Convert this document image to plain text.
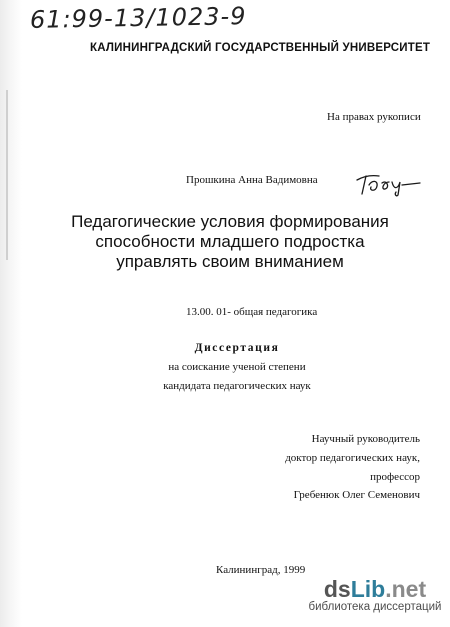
61:99-13/1023-9
КАЛИНИНГРАДСКИЙ ГОСУДАРСТВЕННЫЙ УНИВЕРСИТЕТ
На правах рукописи
Прошкина Анна Вадимовна
Педагогические условия формирования
способности младшего подростка
управлять своим вниманием
13.00. 01- общая педагогика
Диссертация
на соискание ученой степени
кандидата педагогических наук
Научный руководитель
доктор педагогических наук,
профессор
Гребенюк Олег Семенович
Калининград, 1999
dsLib.net
библиотека диссертаций
